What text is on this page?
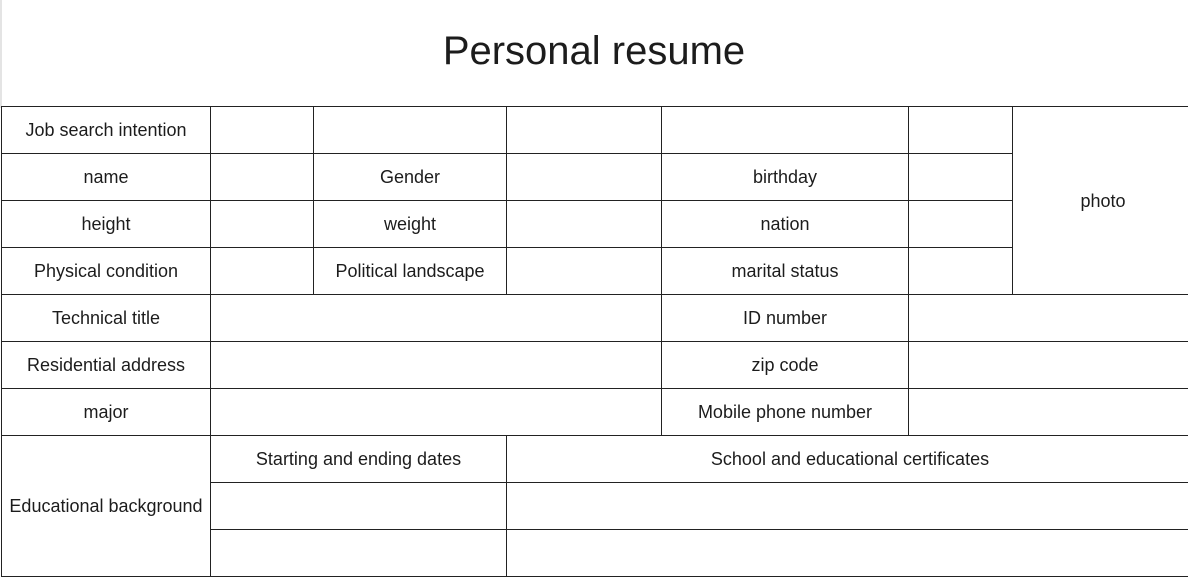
Personal resume
Job search intention						photo
name		Gender		birthday		
height		weight		nation		
Physical condition		Political landscape		marital status		
Technical title				ID number		
Residential address				zip code		
major				Mobile phone number		
Educational background	Starting and ending dates		School and educational certificates			
